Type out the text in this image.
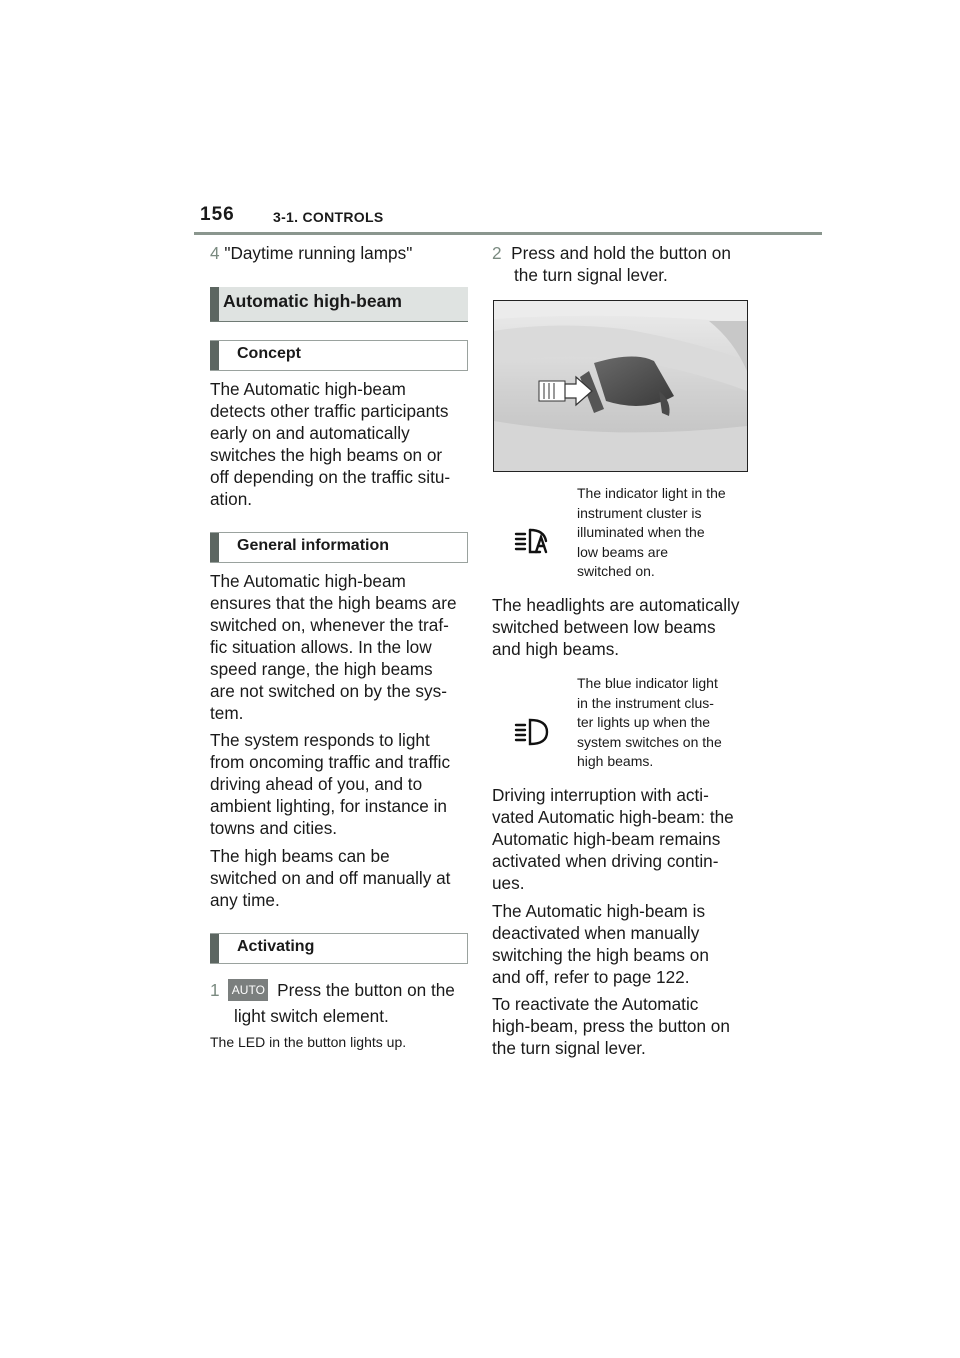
156	3-1. CONTROLS
4 "Daytime running lamps"
Automatic high-beam
Concept
The Automatic high-beam
detects other traffic participants
early on and automatically
switches the high beams on or
off depending on the traffic situ-
ation.
General information
The Automatic high-beam
ensures that the high beams are
switched on, whenever the traf-
fic situation allows. In the low
speed range, the high beams
are not switched on by the sys-
tem.
The system responds to light
from oncoming traffic and traffic
driving ahead of you, and to
ambient lighting, for instance in
towns and cities.
The high beams can be
switched on and off manually at
any time.
Activating
1 AUTO Press the button on the
light switch element.
The LED in the button lights up.
2 Press and hold the button on
the turn signal lever.
The indicator light in the
instrument cluster is
illuminated when the
low beams are
switched on.
The headlights are automatically
switched between low beams
and high beams.
The blue indicator light
in the instrument clus-
ter lights up when the
system switches on the
high beams.
Driving interruption with acti-
vated Automatic high-beam: the
Automatic high-beam remains
activated when driving contin-
ues.
The Automatic high-beam is
deactivated when manually
switching the high beams on
and off, refer to page 122.
To reactivate the Automatic
high-beam, press the button on
the turn signal lever.
